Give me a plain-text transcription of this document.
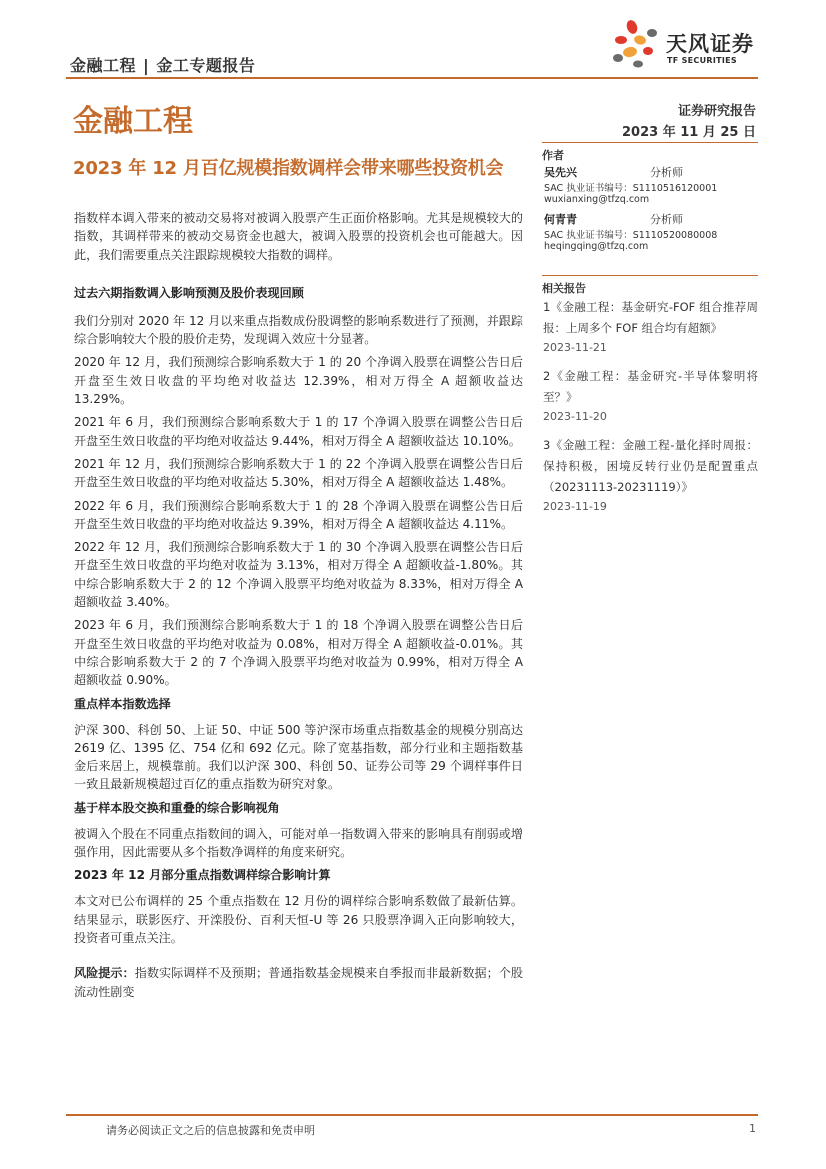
金融工程 | 金工专题报告
天风证券
TF SECURITIES
金融工程	证券研究报告
2023 年 11 月 25 日
2023 年 12 月百亿规模指数调样会带来哪些投资机会
作者
吴先兴	分析师
SAC 执业证书编号：S1110516120001
wuxianxing@tfzq.com
何青青	分析师
SAC 执业证书编号：S1110520080008
heqingqing@tfzq.com
相关报告
1《金融工程：基金研究-FOF 组合推荐周报：上周多个 FOF 组合均有超额》
2023-11-21
2《金融工程：基金研究-半导体黎明将至？》
2023-11-20
3《金融工程：金融工程-量化择时周报：保持积极，困境反转行业仍是配置重点（20231113-20231119）》
2023-11-19

指数样本调入带来的被动交易将对被调入股票产生正面价格影响。尤其是规模较大的指数，其调样带来的被动交易资金也越大，被调入股票的投资机会也可能越大。因此，我们需要重点关注跟踪规模较大指数的调样。

过去六期指数调入影响预测及股价表现回顾

我们分别对 2020 年 12 月以来重点指数成份股调整的影响系数进行了预测，并跟踪综合影响较大个股的股价走势，发现调入效应十分显著。

2020 年 12 月，我们预测综合影响系数大于 1 的 20 个净调入股票在调整公告日后开盘至生效日收盘的平均绝对收益达 12.39%，相对万得全 A 超额收益达 13.29%。

2021 年 6 月，我们预测综合影响系数大于 1 的 17 个净调入股票在调整公告日后开盘至生效日收盘的平均绝对收益达 9.44%，相对万得全 A 超额收益达 10.10%。

2021 年 12 月，我们预测综合影响系数大于 1 的 22 个净调入股票在调整公告日后开盘至生效日收盘的平均绝对收益达 5.30%，相对万得全 A 超额收益达 1.48%。

2022 年 6 月，我们预测综合影响系数大于 1 的 28 个净调入股票在调整公告日后开盘至生效日收盘的平均绝对收益达 9.39%，相对万得全 A 超额收益达 4.11%。

2022 年 12 月，我们预测综合影响系数大于 1 的 30 个净调入股票在调整公告日后开盘至生效日收盘的平均绝对收益为 3.13%，相对万得全 A 超额收益-1.80%。其中综合影响系数大于 2 的 12 个净调入股票平均绝对收益为 8.33%，相对万得全 A 超额收益 3.40%。

2023 年 6 月，我们预测综合影响系数大于 1 的 18 个净调入股票在调整公告日后开盘至生效日收盘的平均绝对收益为 0.08%，相对万得全 A 超额收益-0.01%。其中综合影响系数大于 2 的 7 个净调入股票平均绝对收益为 0.99%，相对万得全 A 超额收益 0.90%。

重点样本指数选择

沪深 300、科创 50、上证 50、中证 500 等沪深市场重点指数基金的规模分别高达 2619 亿、1395 亿、754 亿和 692 亿元。除了宽基指数，部分行业和主题指数基金后来居上，规模靠前。我们以沪深 300、科创 50、证券公司等 29 个调样事件日一致且最新规模超过百亿的重点指数为研究对象。

基于样本股交换和重叠的综合影响视角

被调入个股在不同重点指数间的调入，可能对单一指数调入带来的影响具有削弱或增强作用，因此需要从多个指数净调样的角度来研究。

2023 年 12 月部分重点指数调样综合影响计算

本文对已公布调样的 25 个重点指数在 12 月份的调样综合影响系数做了最新估算。结果显示，联影医疗、开滦股份、百利天恒-U 等 26 只股票净调入正向影响较大，投资者可重点关注。

风险提示：指数实际调样不及预期；普通指数基金规模来自季报而非最新数据；个股流动性剧变

请务必阅读正文之后的信息披露和免责申明	1
